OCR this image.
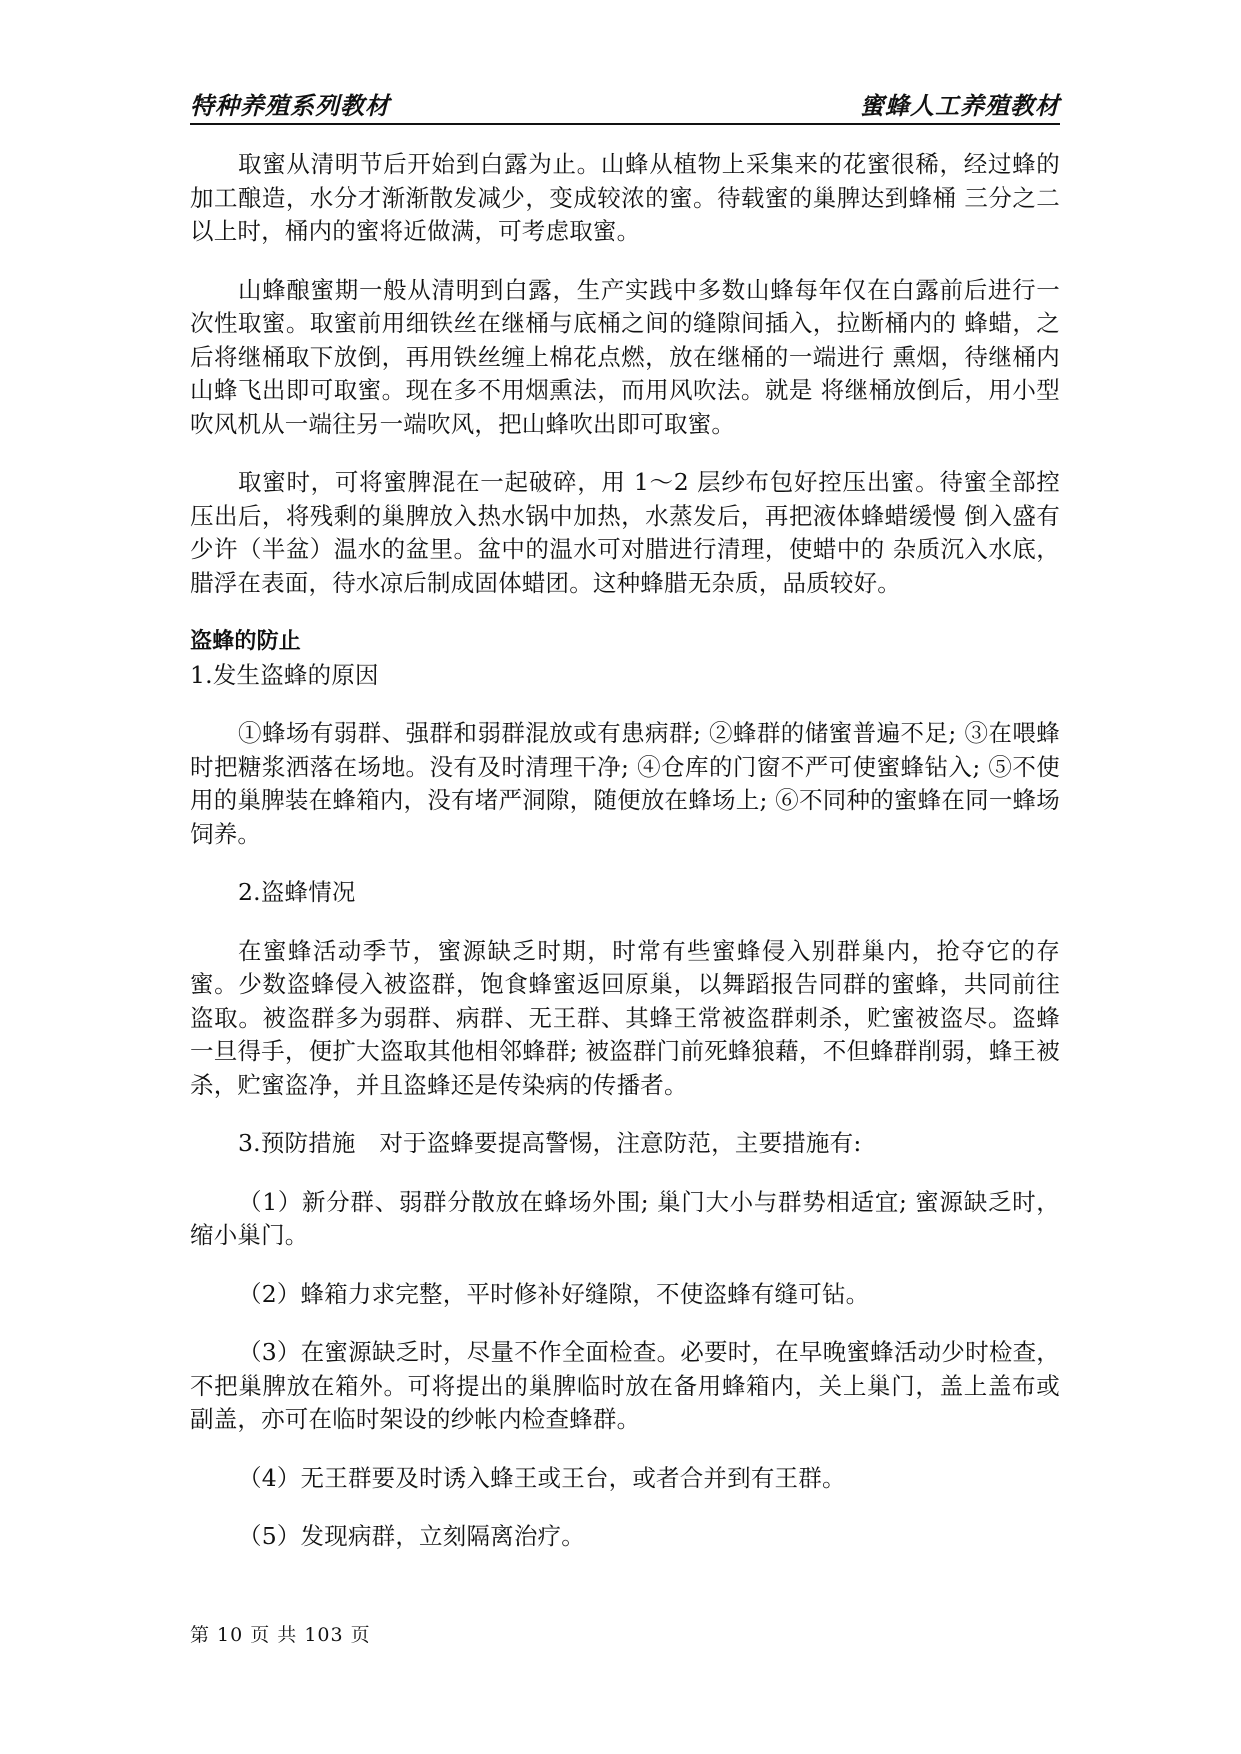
特种养殖系列教材	蜜蜂人工养殖教材

取蜜从清明节后开始到白露为止。山蜂从植物上采集来的花蜜很稀，经过蜂的加工酿造，水分才渐渐散发减少，变成较浓的蜜。待载蜜的巢脾达到蜂桶 三分之二以上时，桶内的蜜将近做满，可考虑取蜜。

山蜂酿蜜期一般从清明到白露，生产实践中多数山蜂每年仅在白露前后进行一次性取蜜。取蜜前用细铁丝在继桶与底桶之间的缝隙间插入，拉断桶内的 蜂蜡，之后将继桶取下放倒，再用铁丝缠上棉花点燃，放在继桶的一端进行 熏烟，待继桶内山蜂飞出即可取蜜。现在多不用烟熏法，而用风吹法。就是 将继桶放倒后，用小型吹风机从一端往另一端吹风，把山蜂吹出即可取蜜。

取蜜时，可将蜜脾混在一起破碎，用 1～2 层纱布包好控压出蜜。待蜜全部控压出后，将残剩的巢脾放入热水锅中加热，水蒸发后，再把液体蜂蜡缓慢 倒入盛有少许（半盆）温水的盆里。盆中的温水可对腊进行清理，使蜡中的 杂质沉入水底，腊浮在表面，待水凉后制成固体蜡团。这种蜂腊无杂质，品质较好。

盗蜂的防止

1.发生盗蜂的原因

①蜂场有弱群、强群和弱群混放或有患病群; ②蜂群的储蜜普遍不足; ③在喂蜂时把糖浆洒落在场地。没有及时清理干净; ④仓库的门窗不严可使蜜蜂钻入; ⑤不使用的巢脾装在蜂箱内，没有堵严洞隙，随便放在蜂场上; ⑥不同种的蜜蜂在同一蜂场饲养。

2.盗蜂情况

在蜜蜂活动季节，蜜源缺乏时期，时常有些蜜蜂侵入别群巢内，抢夺它的存蜜。少数盗蜂侵入被盗群，饱食蜂蜜返回原巢，以舞蹈报告同群的蜜蜂，共同前往盗取。被盗群多为弱群、病群、无王群、其蜂王常被盗群刺杀，贮蜜被盗尽。盗蜂一旦得手，便扩大盗取其他相邻蜂群; 被盗群门前死蜂狼藉，不但蜂群削弱，蜂王被杀，贮蜜盗净，并且盗蜂还是传染病的传播者。

3.预防措施　对于盗蜂要提高警惕，注意防范，主要措施有:

（1）新分群、弱群分散放在蜂场外围; 巢门大小与群势相适宜; 蜜源缺乏时，缩小巢门。

（2）蜂箱力求完整，平时修补好缝隙，不使盗蜂有缝可钻。

（3）在蜜源缺乏时，尽量不作全面检查。必要时，在早晚蜜蜂活动少时检查，不把巢脾放在箱外。可将提出的巢脾临时放在备用蜂箱内，关上巢门，盖上盖布或副盖，亦可在临时架设的纱帐内检查蜂群。

（4）无王群要及时诱入蜂王或王台，或者合并到有王群。

（5）发现病群，立刻隔离治疗。

第 10 页 共 103 页
